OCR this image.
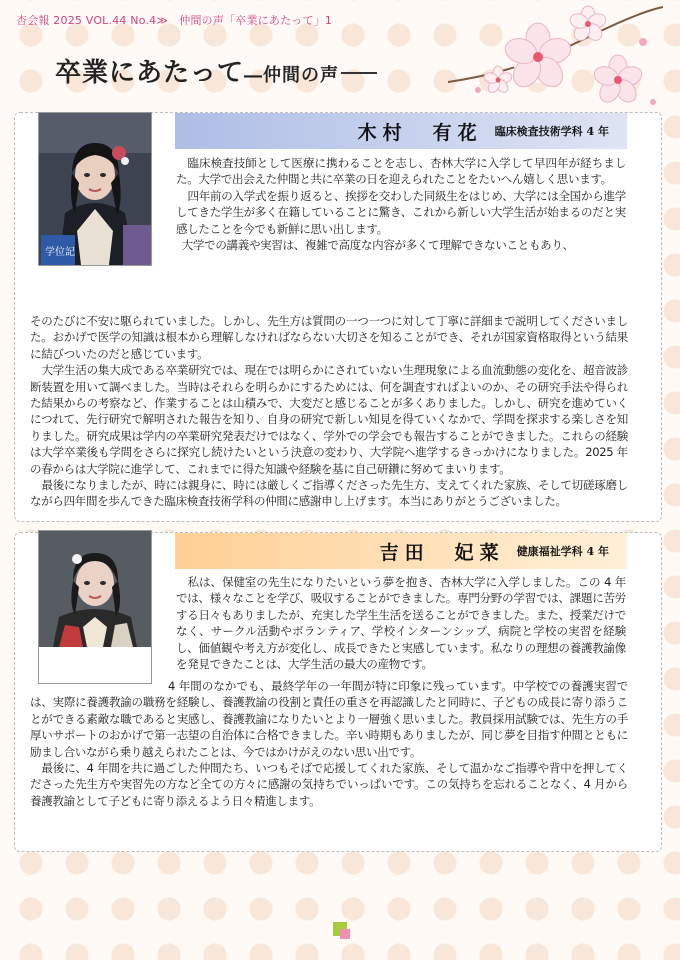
杏会報 2025 VOL.44 No.4≫　仲間の声「卒業にあたって」1
卒業にあたって―仲間の声
学位記
木村　有花 臨床検査技術学科 4 年
吉田　妃菜 健康福祉学科 4 年

臨床検査技師として医療に携わることを志し、杏林大学に入学して早四年が経ちました。大学で出会えた仲間と共に卒業の日を迎えられたことをたいへん嬉しく思います。

四年前の入学式を振り返ると、挨拶を交わした同級生をはじめ、大学には全国から進学してきた学生が多く在籍していることに驚き、これから新しい大学生活が始まるのだと実感したことを今でも新鮮に思い出します。

大学での講義や実習は、複雑で高度な内容が多くて理解できないこともあり、

そのたびに不安に駆られていました。しかし、先生方は質問の一つ一つに対して丁寧に詳細まで説明してくださいました。おかげで医学の知識は根本から理解しなければならない大切さを知ることができ、それが国家資格取得という結果に結びついたのだと感じています。

大学生活の集大成である卒業研究では、現在では明らかにされていない生理現象による血流動態の変化を、超音波診断装置を用いて調べました。当時はそれらを明らかにするためには、何を調査すればよいのか、その研究手法や得られた結果からの考察など、作業することは山積みで、大変だと感じることが多くありました。しかし、研究を進めていくにつれて、先行研究で解明された報告を知り、自身の研究で新しい知見を得ていくなかで、学問を探求する楽しさを知りました。研究成果は学内の卒業研究発表だけではなく、学外での学会でも報告することができました。これらの経験は大学卒業後も学問をさらに探究し続けたいという決意の変わり、大学院へ進学するきっかけになりました。2025 年の春からは大学院に進学して、これまでに得た知識や経験を基に自己研鑽に努めてまいります。

最後になりましたが、時には親身に、時には厳しくご指導くださった先生方、支えてくれた家族、そして切磋琢磨しながら四年間を歩んできた臨床検査技術学科の仲間に感謝申し上げます。本当にありがとうございました。

私は、保健室の先生になりたいという夢を抱き、杏林大学に入学しました。この 4 年では、様々なことを学び、吸収することができました。専門分野の学習では、課題に苦労する日々もありましたが、充実した学生生活を送ることができました。また、授業だけでなく、サークル活動やボランティア、学校インターンシップ、病院と学校の実習を経験し、価値観や考え方が変化し、成長できたと実感しています。私なりの理想の養護教諭像を発見できたことは、大学生活の最大の産物です。

4 年間のなかでも、最終学年の一年間が特に印象に残っています。中学校での養護実習では、実際に養護教諭の職務を経験し、養護教諭の役割と責任の重さを再認識したと同時に、子どもの成長に寄り添うことができる素敵な職であると実感し、養護教諭になりたいとより一層強く思いました。教員採用試験では、先生方の手厚いサポートのおかげで第一志望の自治体に合格できました。辛い時期もありましたが、同じ夢を目指す仲間とともに励まし合いながら乗り越えられたことは、今ではかけがえのない思い出です。

最後に、4 年間を共に過ごした仲間たち、いつもそばで応援してくれた家族、そして温かなご指導や背中を押してくださった先生方や実習先の方など全ての方々に感謝の気持ちでいっぱいです。この気持ちを忘れることなく、4 月から養護教諭として子どもに寄り添えるよう日々精進します。
